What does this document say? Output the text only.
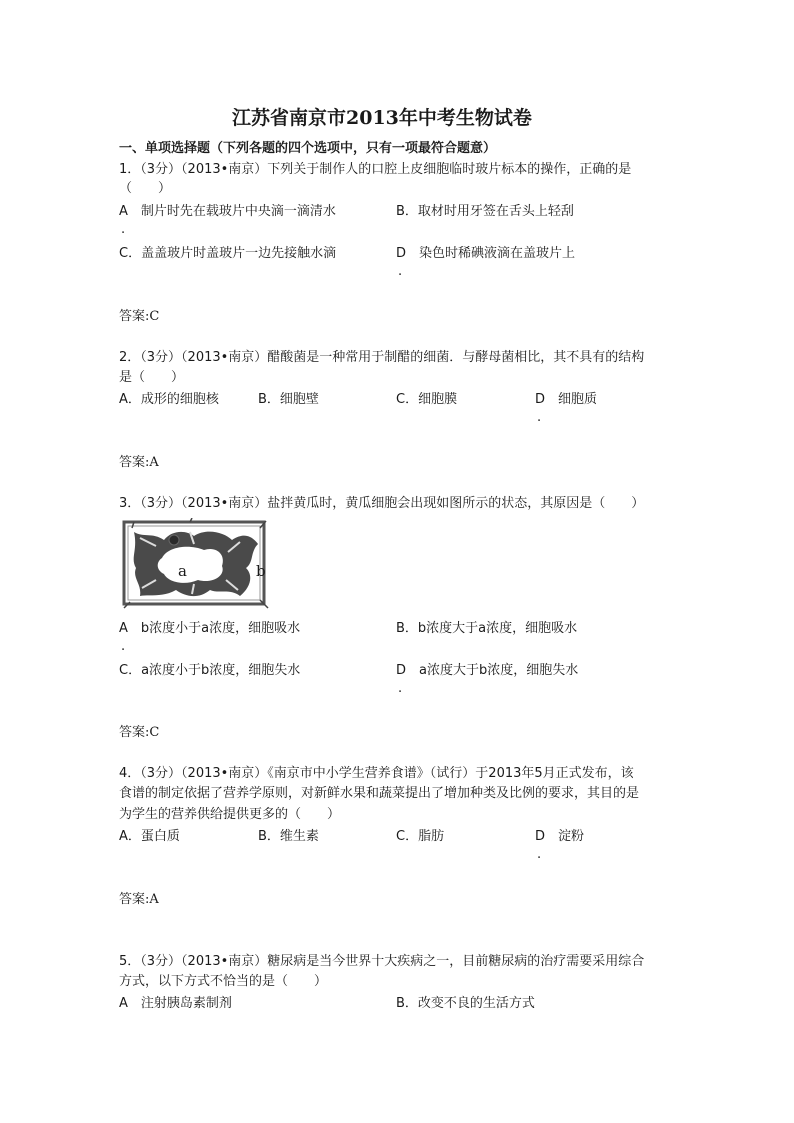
江苏省南京市2013年中考生物试卷
一、单项选择题（下列各题的四个选项中，只有一项最符合题意）
1．（3分）（2013•南京）下列关于制作人的口腔上皮细胞临时玻片标本的操作，正确的是
（　　）
A　制片时先在载玻片中央滴一滴清水
.
B．取材时用牙签在舌头上轻刮
C．盖盖玻片时盖玻片一边先接触水滴	D　染色时稀碘液滴在盖玻片上
.
答案:C
2．（3分）（2013•南京）醋酸菌是一种常用于制醋的细菌．与酵母菌相比，其不具有的结构
是（　　）
A．成形的细胞核	B．细胞壁	C．细胞膜	D　细胞质
.
答案:A
3．（3分）（2013•南京）盐拌黄瓜时，黄瓜细胞会出现如图所示的状态，其原因是（　　）
a	b
A　b浓度小于a浓度，细胞吸水
.
B．b浓度大于a浓度，细胞吸水
C．a浓度小于b浓度，细胞失水	D　a浓度大于b浓度，细胞失水
.
答案:C
4．（3分）（2013•南京）《南京市中小学生营养食谱》（试行）于2013年5月正式发布，该
食谱的制定依据了营养学原则，对新鲜水果和蔬菜提出了增加种类及比例的要求，其目的是
为学生的营养供给提供更多的（　　）
A．蛋白质	B．维生素	C．脂肪	D　淀粉
.
答案:A
5．（3分）（2013•南京）糖尿病是当今世界十大疾病之一，目前糖尿病的治疗需要采用综合
方式，以下方式不恰当的是（　　）
A　注射胰岛素制剂	B．改变不良的生活方式
